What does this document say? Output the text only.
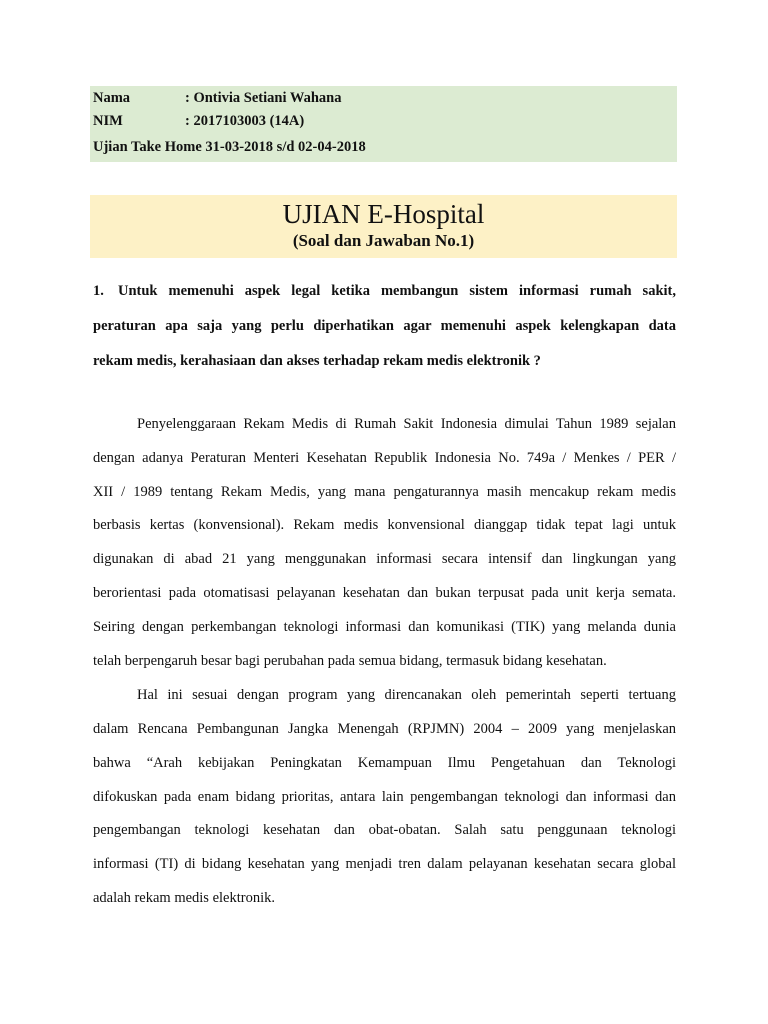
Nama	: Ontivia Setiani Wahana
NIM	: 2017103003 (14A)
Ujian Take Home 31-03-2018 s/d 02-04-2018
UJIAN E-Hospital
(Soal dan Jawaban No.1)
1. Untuk memenuhi aspek legal ketika membangun sistem informasi rumah sakit,
peraturan apa saja yang perlu diperhatikan agar memenuhi aspek kelengkapan data
rekam medis, kerahasiaan dan akses terhadap rekam medis elektronik ?
Penyelenggaraan Rekam Medis di Rumah Sakit Indonesia dimulai Tahun 1989 sejalan
dengan adanya Peraturan Menteri Kesehatan Republik Indonesia No. 749a / Menkes / PER /
XII / 1989 tentang Rekam Medis, yang mana pengaturannya masih mencakup rekam medis
berbasis kertas (konvensional). Rekam medis konvensional dianggap tidak tepat lagi untuk
digunakan di abad 21 yang menggunakan informasi secara intensif dan lingkungan yang
berorientasi pada otomatisasi pelayanan kesehatan dan bukan terpusat pada unit kerja semata.
Seiring dengan perkembangan teknologi informasi dan komunikasi (TIK) yang melanda dunia
telah berpengaruh besar bagi perubahan pada semua bidang, termasuk bidang kesehatan.
Hal ini sesuai dengan program yang direncanakan oleh pemerintah seperti tertuang
dalam Rencana Pembangunan Jangka Menengah (RPJMN) 2004 – 2009 yang menjelaskan
bahwa “Arah kebijakan Peningkatan Kemampuan Ilmu Pengetahuan dan Teknologi
difokuskan pada enam bidang prioritas, antara lain pengembangan teknologi dan informasi dan
pengembangan teknologi kesehatan dan obat-obatan. Salah satu penggunaan teknologi
informasi (TI) di bidang kesehatan yang menjadi tren dalam pelayanan kesehatan secara global
adalah rekam medis elektronik.
